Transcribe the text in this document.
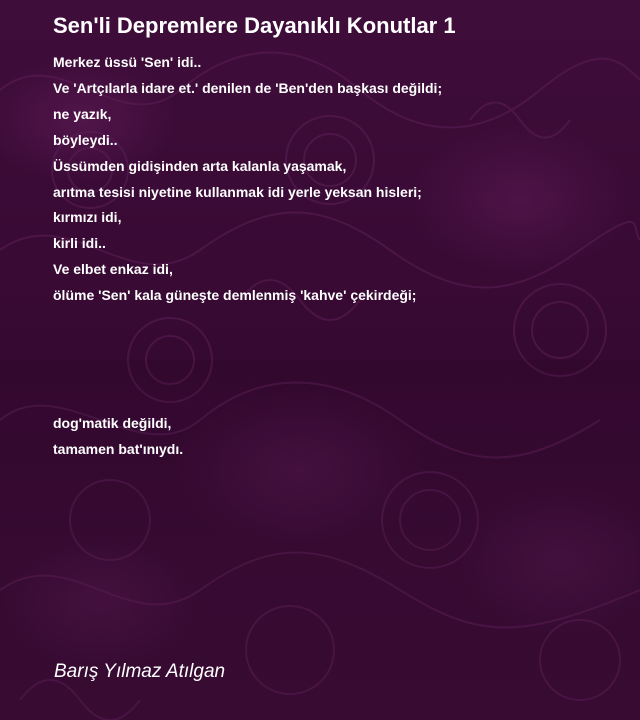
Sen'li Depremlere Dayanıklı Konutlar 1
Merkez üssü 'Sen' idi..
Ve 'Artçılarla idare et.' denilen de 'Ben'den başkası değildi;
ne yazık,
böyleydi..
Üssümden gidişinden arta kalanla yaşamak,
arıtma tesisi niyetine kullanmak idi yerle yeksan hisleri;
kırmızı idi,
kirli idi..
Ve elbet enkaz idi,
ölüme 'Sen' kala güneşte demlenmiş 'kahve' çekirdeği;
dog'matik değildi,
tamamen bat'ınıydı.
Barış Yılmaz Atılgan
